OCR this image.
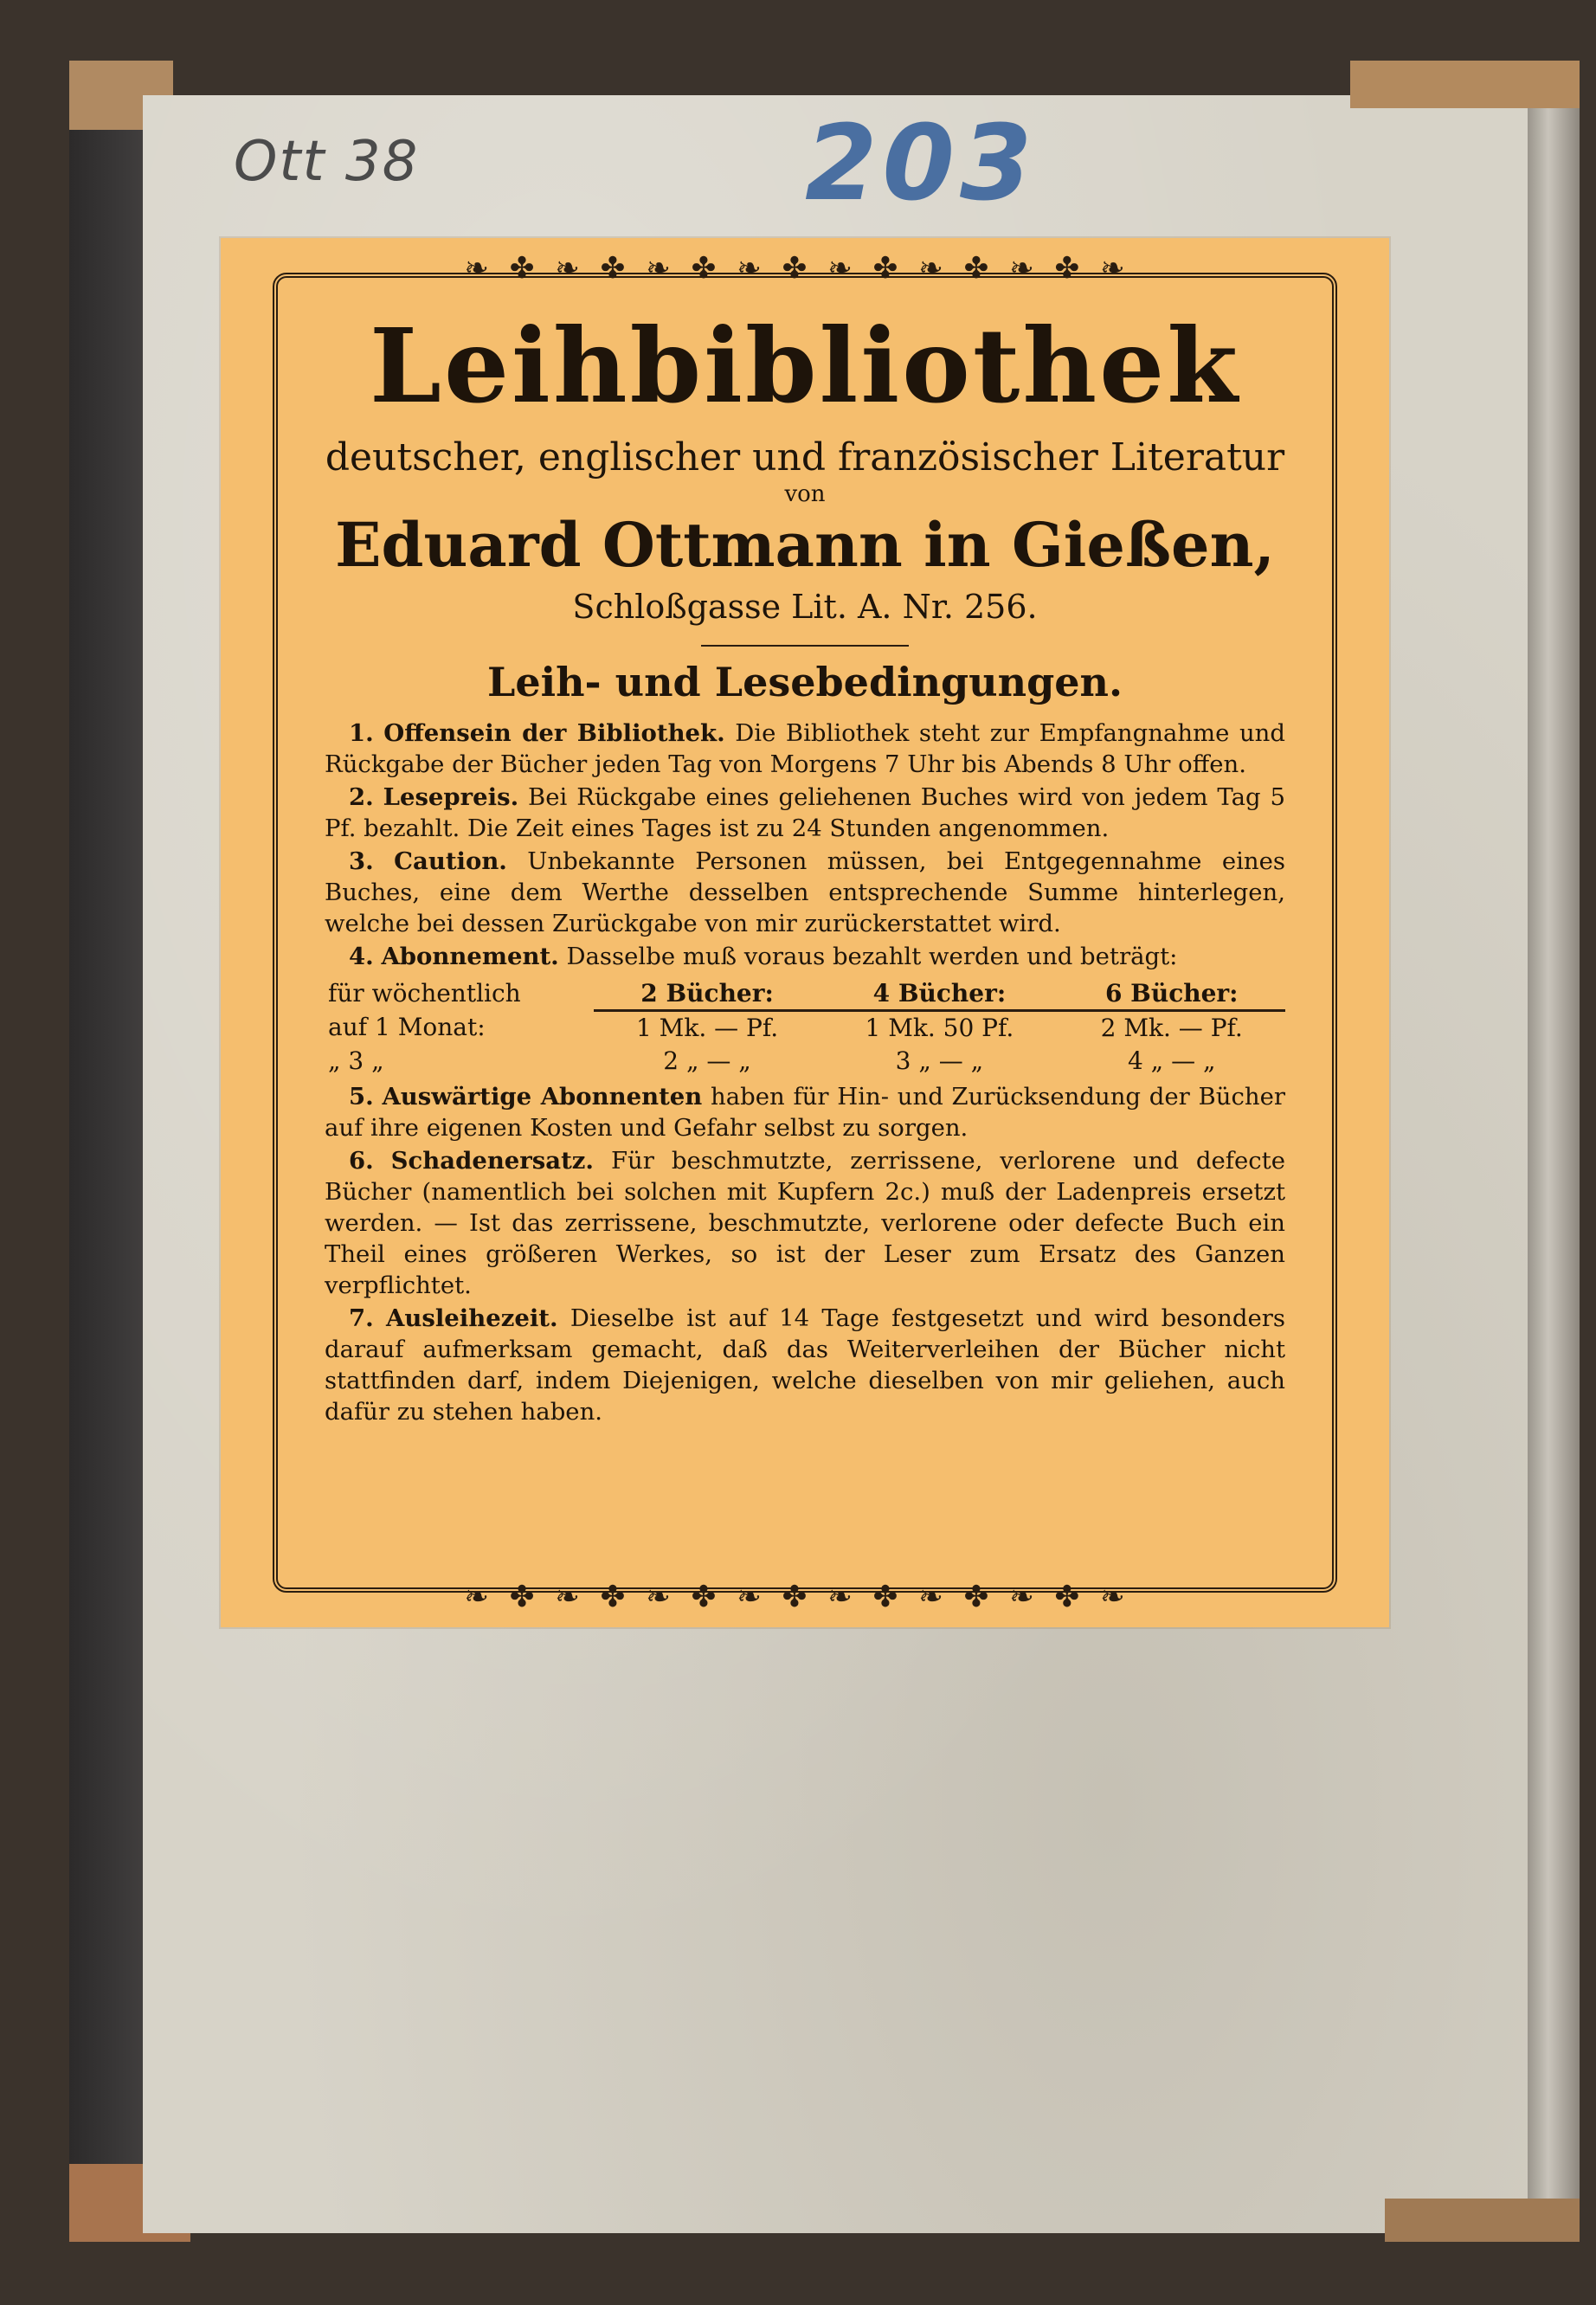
Ott 38	203
❧✤❧✤❧✤❧✤❧✤❧✤❧✤❧
❧✤❧✤❧✤❧✤❧✤❧✤❧✤❧
Leihbibliothek
deutscher, englischer und französischer Literatur
von
Eduard Ottmann in Gießen,
Schloßgasse Lit. A. Nr. 256.
Leih- und Lesebedingungen.

1. Offensein der Bibliothek. Die Bibliothek steht zur Empfangnahme und Rückgabe der Bücher jeden Tag von Morgens 7 Uhr bis Abends 8 Uhr offen.

2. Lesepreis. Bei Rückgabe eines geliehenen Buches wird von jedem Tag 5 Pf. bezahlt. Die Zeit eines Tages ist zu 24 Stunden angenommen.

3. Caution. Unbekannte Personen müssen, bei Entgegennahme eines Buches, eine dem Werthe desselben entsprechende Summe hinterlegen, welche bei dessen Zurückgabe von mir zurückerstattet wird.

4. Abonnement. Dasselbe muß voraus bezahlt werden und beträgt:

für wöchentlich	2 Bücher:	4 Bücher:	6 Bücher:
auf 1 Monat:	1 Mk. — Pf.	1 Mk. 50 Pf.	2 Mk. — Pf.
„ 3 „	2 „ — „	3 „ — „	4 „ — „

5. Auswärtige Abonnenten haben für Hin- und Zurücksendung der Bücher auf ihre eigenen Kosten und Gefahr selbst zu sorgen.

6. Schadenersatz. Für beschmutzte, zerrissene, verlorene und defecte Bücher (namentlich bei solchen mit Kupfern 2c.) muß der Ladenpreis ersetzt werden. — Ist das zerrissene, beschmutzte, verlorene oder defecte Buch ein Theil eines größeren Werkes, so ist der Leser zum Ersatz des Ganzen verpflichtet.

7. Ausleihezeit. Dieselbe ist auf 14 Tage festgesetzt und wird besonders darauf aufmerksam gemacht, daß das Weiterverleihen der Bücher nicht stattfinden darf, indem Diejenigen, welche dieselben von mir geliehen, auch dafür zu stehen haben.
